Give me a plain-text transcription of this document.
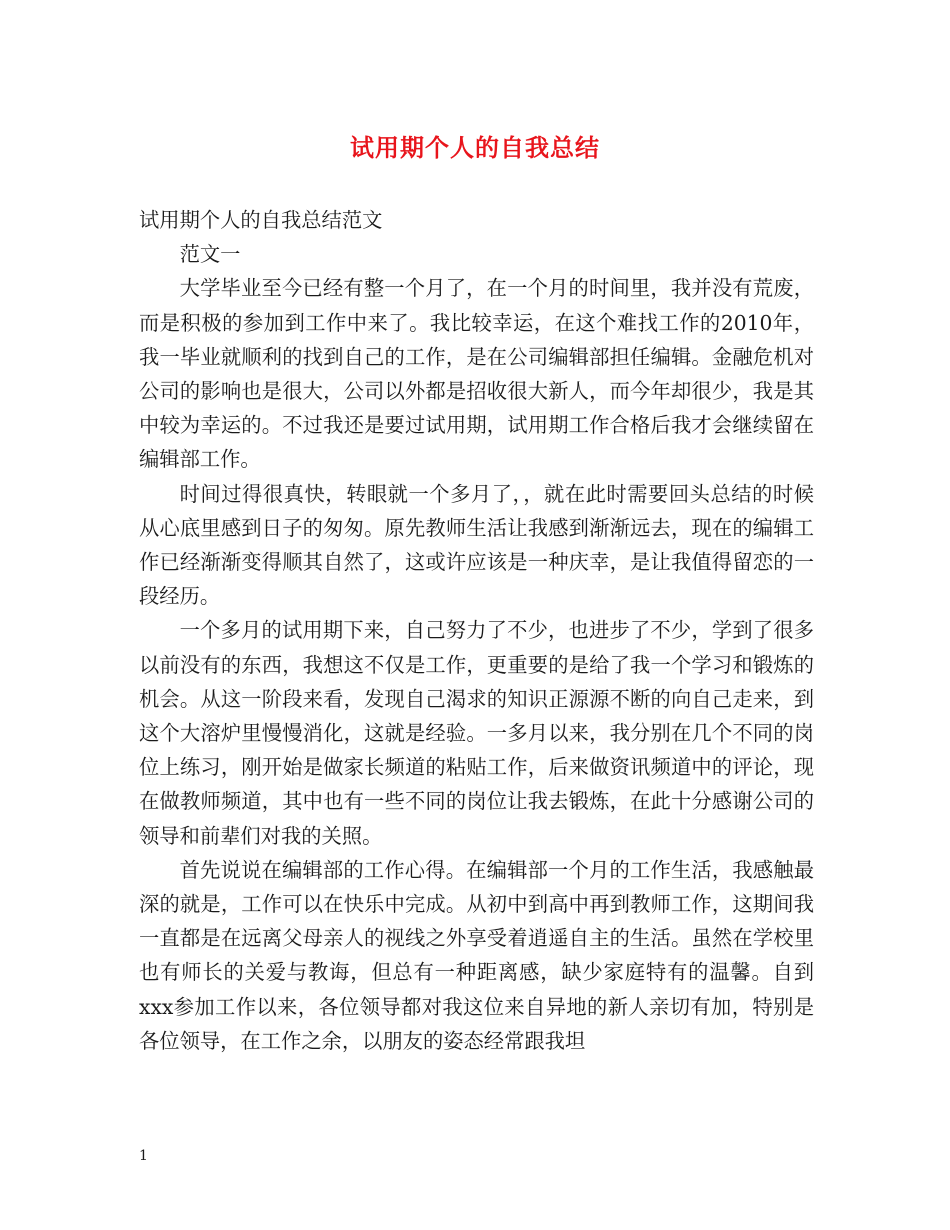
试用期个人的自我总结

试用期个人的自我总结范文

范文一

大学毕业至今已经有整一个月了，在一个月的时间里，我并没有荒废，而是积极的参加到工作中来了。我比较幸运，在这个难找工作的2010年，我一毕业就顺利的找到自己的工作，是在公司编辑部担任编辑。金融危机对公司的影响也是很大，公司以外都是招收很大新人，而今年却很少，我是其中较为幸运的。不过我还是要过试用期，试用期工作合格后我才会继续留在编辑部工作。

时间过得很真快，转眼就一个多月了，，就在此时需要回头总结的时候从心底里感到日子的匆匆。原先教师生活让我感到渐渐远去，现在的编辑工作已经渐渐变得顺其自然了，这或许应该是一种庆幸，是让我值得留恋的一段经历。

一个多月的试用期下来，自己努力了不少，也进步了不少，学到了很多以前没有的东西，我想这不仅是工作，更重要的是给了我一个学习和锻炼的机会。从这一阶段来看，发现自己渴求的知识正源源不断的向自己走来，到这个大溶炉里慢慢消化，这就是经验。一多月以来，我分别在几个不同的岗位上练习，刚开始是做家长频道的粘贴工作，后来做资讯频道中的评论，现在做教师频道，其中也有一些不同的岗位让我去锻炼，在此十分感谢公司的领导和前辈们对我的关照。

首先说说在编辑部的工作心得。在编辑部一个月的工作生活，我感触最深的就是，工作可以在快乐中完成。从初中到高中再到教师工作，这期间我一直都是在远离父母亲人的视线之外享受着逍遥自主的生活。虽然在学校里也有师长的关爱与教诲，但总有一种距离感，缺少家庭特有的温馨。自到xxx参加工作以来，各位领导都对我这位来自异地的新人亲切有加，特别是各位领导，在工作之余，以朋友的姿态经常跟我坦

1
